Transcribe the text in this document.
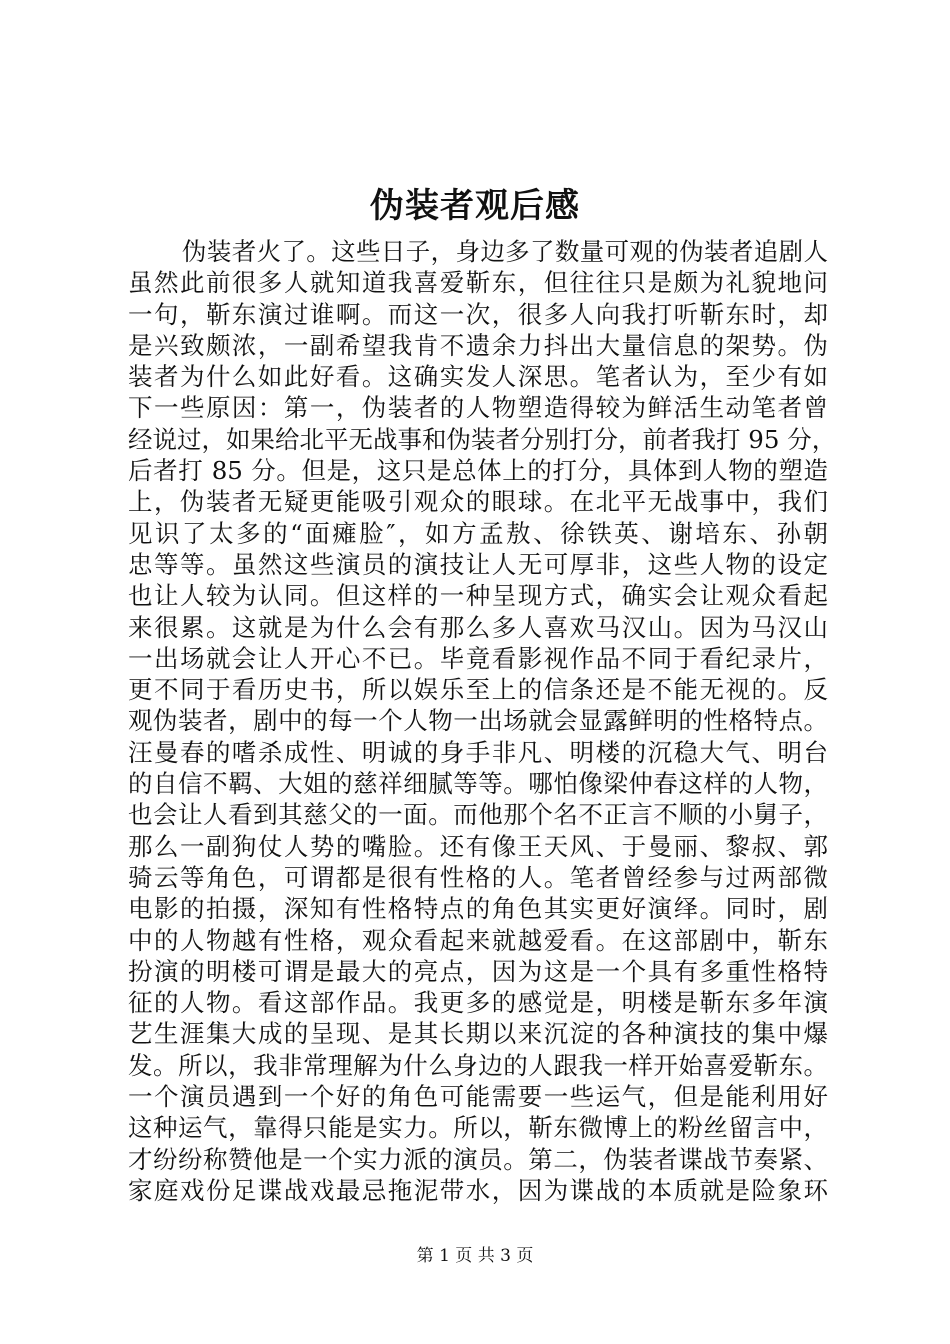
伪装者观后感
伪装者火了。这些日子，身边多了数量可观的伪装者追剧人
虽然此前很多人就知道我喜爱靳东，但往往只是颇为礼貌地问
一句，靳东演过谁啊。而这一次，很多人向我打听靳东时，却
是兴致颇浓，一副希望我肯不遗余力抖出大量信息的架势。伪
装者为什么如此好看。这确实发人深思。笔者认为，至少有如
下一些原因：第一，伪装者的人物塑造得较为鲜活生动笔者曾
经说过，如果给北平无战事和伪装者分别打分，前者我打 95 分，
后者打 85 分。但是，这只是总体上的打分，具体到人物的塑造
上，伪装者无疑更能吸引观众的眼球。在北平无战事中，我们
见识了太多的“面瘫脸″，如方孟敖、徐铁英、谢培东、孙朝
忠等等。虽然这些演员的演技让人无可厚非，这些人物的设定
也让人较为认同。但这样的一种呈现方式，确实会让观众看起
来很累。这就是为什么会有那么多人喜欢马汉山。因为马汉山
一出场就会让人开心不已。毕竟看影视作品不同于看纪录片，
更不同于看历史书，所以娱乐至上的信条还是不能无视的。反
观伪装者，剧中的每一个人物一出场就会显露鲜明的性格特点。
汪曼春的嗜杀成性、明诚的身手非凡、明楼的沉稳大气、明台
的自信不羁、大姐的慈祥细腻等等。哪怕像梁仲春这样的人物，
也会让人看到其慈父的一面。而他那个名不正言不顺的小舅子，
那么一副狗仗人势的嘴脸。还有像王天风、于曼丽、黎叔、郭
骑云等角色，可谓都是很有性格的人。笔者曾经参与过两部微
电影的拍摄，深知有性格特点的角色其实更好演绎。同时，剧
中的人物越有性格，观众看起来就越爱看。在这部剧中，靳东
扮演的明楼可谓是最大的亮点，因为这是一个具有多重性格特
征的人物。看这部作品。我更多的感觉是，明楼是靳东多年演
艺生涯集大成的呈现、是其长期以来沉淀的各种演技的集中爆
发。所以，我非常理解为什么身边的人跟我一样开始喜爱靳东。
一个演员遇到一个好的角色可能需要一些运气，但是能利用好
这种运气，靠得只能是实力。所以，靳东微博上的粉丝留言中，
才纷纷称赞他是一个实力派的演员。第二，伪装者谍战节奏紧、
家庭戏份足谍战戏最忌拖泥带水，因为谍战的本质就是险象环
第 1 页 共 3 页
